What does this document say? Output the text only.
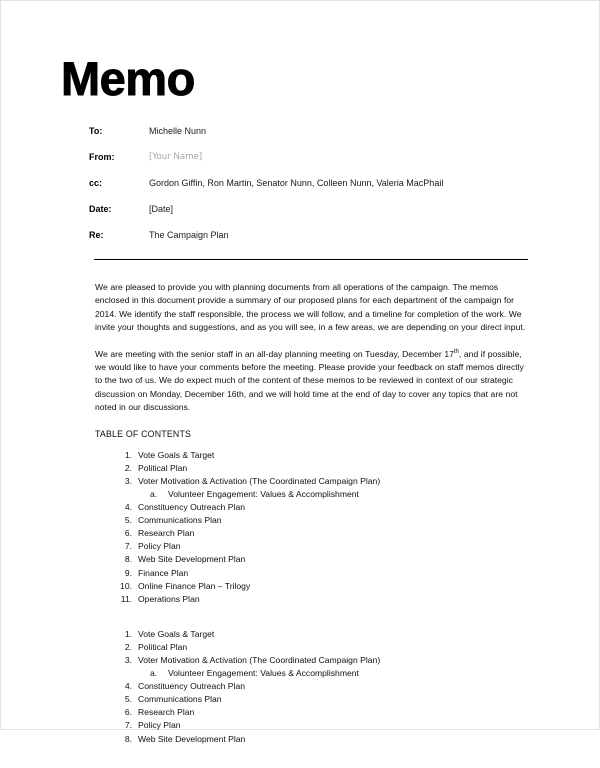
Memo
To:	Michelle Nunn
From:	[Your Name]
cc:	Gordon Giffin, Ron Martin, Senator Nunn, Colleen Nunn, Valeria MacPhail
Date:	[Date]
Re:	The Campaign Plan

We are pleased to provide you with planning documents from all operations of the campaign. The memos enclosed in this document provide a summary of our proposed plans for each department of the campaign for 2014. We identify the staff responsible, the process we will follow, and a timeline for completion of the work. We invite your thoughts and suggestions, and as you will see, in a few areas, we are depending on your direct input.

We are meeting with the senior staff in an all-day planning meeting on Tuesday, December 17th, and if possible, we would like to have your comments before the meeting. Please provide your feedback on staff memos directly to the two of us. We do expect much of the content of these memos to be reviewed in context of our strategic discussion on Monday, December 16th, and we will hold time at the end of day to cover any topics that are not noted in our discussions.

TABLE OF CONTENTS
1. Vote Goals & Target
2. Political Plan
3. Voter Motivation & Activation (The Coordinated Campaign Plan)
a.	Volunteer Engagement: Values & Accomplishment
4. Constituency Outreach Plan
5. Communications Plan
6. Research Plan
7. Policy Plan
8. Web Site Development Plan
9. Finance Plan
10. Online Finance Plan – Trilogy
11. Operations Plan
1. Vote Goals & Target
2. Political Plan
3. Voter Motivation & Activation (The Coordinated Campaign Plan)
a.	Volunteer Engagement: Values & Accomplishment
4. Constituency Outreach Plan
5. Communications Plan
6. Research Plan
7. Policy Plan
8. Web Site Development Plan
